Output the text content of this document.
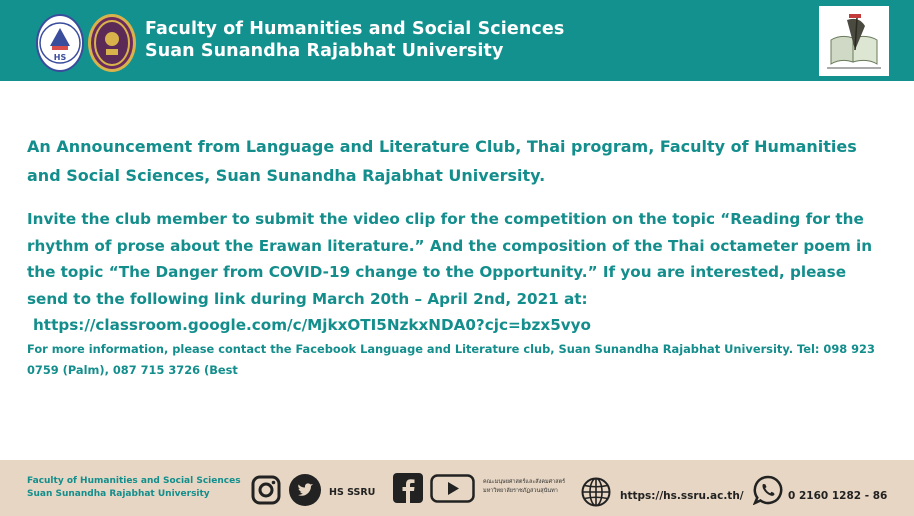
HS
Faculty of Humanities and Social Sciences
Suan Sunandha Rajabhat University

An Announcement from Language and Literature Club, Thai program, Faculty of Humanities and Social Sciences, Suan Sunandha Rajabhat University.

Invite the club member to submit the video clip for the competition on the topic “Reading for the rhythm of prose about the Erawan literature.” And the composition of the Thai octameter poem in the topic “The Danger from COVID-19 change to the Opportunity.” If you are interested, please send to the following link during March 20th – April 2nd, 2021 at:
https://classroom.google.com/c/MjkxOTI5NzkxNDA0?cjc=bzx5vyo

For more information, please contact the Facebook Language and Literature club, Suan Sunandha Rajabhat University. Tel: 098 923 0759 (Palm), 087 715 3726 (Best

Faculty of Humanities and Social Sciences
Suan Sunandha Rajabhat University	HS SSRU
คณะมนุษยศาสตร์และสังคมศาสตร์
มหาวิทยาลัยราชภัฏสวนสุนันทา	https://hs.ssru.ac.th/	0 2160 1282 - 86
